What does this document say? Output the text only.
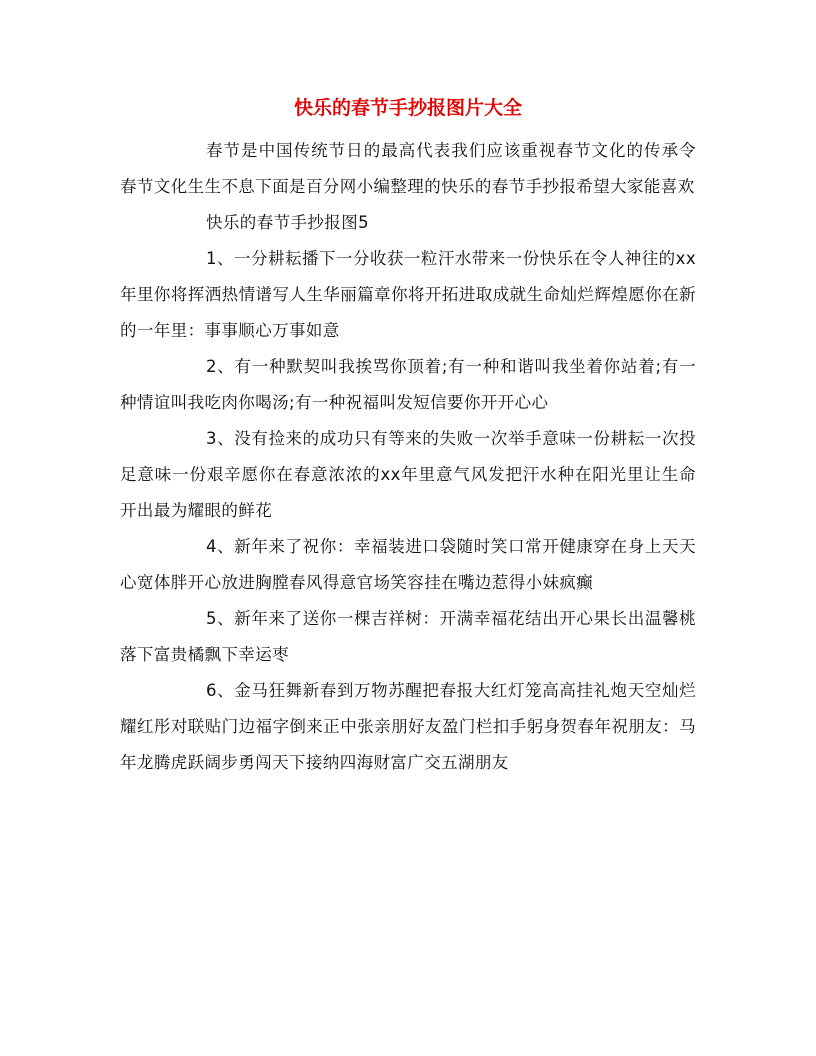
快乐的春节手抄报图片大全

春节是中国传统节日的最高代表我们应该重视春节文化的传承令春节文化生生不息下面是百分网小编整理的快乐的春节手抄报希望大家能喜欢

快乐的春节手抄报图5

1、一分耕耘播下一分收获一粒汗水带来一份快乐在令人神往的xx年里你将挥洒热情谱写人生华丽篇章你将开拓进取成就生命灿烂辉煌愿你在新的一年里：事事顺心万事如意

2、有一种默契叫我挨骂你顶着;有一种和谐叫我坐着你站着;有一种情谊叫我吃肉你喝汤;有一种祝福叫发短信要你开开心心

3、没有捡来的成功只有等来的失败一次举手意味一份耕耘一次投足意味一份艰辛愿你在春意浓浓的xx年里意气风发把汗水种在阳光里让生命开出最为耀眼的鲜花

4、新年来了祝你：幸福装进口袋随时笑口常开健康穿在身上天天心宽体胖开心放进胸膛春风得意官场笑容挂在嘴边惹得小妹疯癫

5、新年来了送你一棵吉祥树：开满幸福花结出开心果长出温馨桃落下富贵橘飘下幸运枣

6、金马狂舞新春到万物苏醒把春报大红灯笼高高挂礼炮天空灿烂耀红彤对联贴门边福字倒来正中张亲朋好友盈门栏扣手躬身贺春年祝朋友：马年龙腾虎跃阔步勇闯天下接纳四海财富广交五湖朋友
